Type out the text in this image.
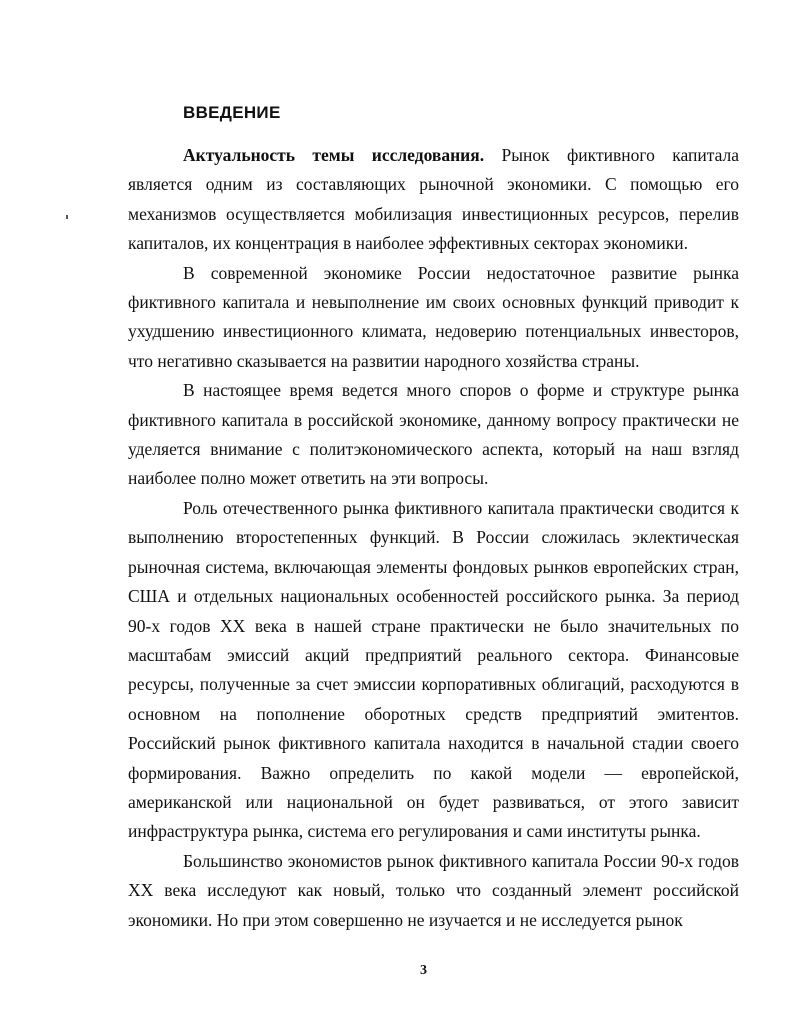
ВВЕДЕНИЕ

Актуальность темы исследования. Рынок фиктивного капитала является одним из составляющих рыночной экономики. С помощью его механизмов осуществляется мобилизация инвестиционных ресурсов, перелив капиталов, их концентрация в наиболее эффективных секторах экономики.

В современной экономике России недостаточное развитие рынка фиктивного капитала и невыполнение им своих основных функций приводит к ухудшению инвестиционного климата, недоверию потенциальных инвесторов, что негативно сказывается на развитии народного хозяйства страны.

В настоящее время ведется много споров о форме и структуре рынка фиктивного капитала в российской экономике, данному вопросу практически не уделяется внимание с политэкономического аспекта, который на наш взгляд наиболее полно может ответить на эти вопросы.

Роль отечественного рынка фиктивного капитала практически сводится к выполнению второстепенных функций. В России сложилась эклектическая рыночная система, включающая элементы фондовых рынков европейских стран, США и отдельных национальных особенностей российского рынка. За период 90-х годов XX века в нашей стране практически не было значительных по масштабам эмиссий акций предприятий реального сектора. Финансовые ресурсы, полученные за счет эмиссии корпоративных облигаций, расходуются в основном на пополнение оборотных средств предприятий эмитентов. Российский рынок фиктивного капитала находится в начальной стадии своего формирования. Важно определить по какой модели — европейской, американской или национальной он будет развиваться, от этого зависит инфраструктура рынка, система его регулирования и сами институты рынка.

Большинство экономистов рынок фиктивного капитала России 90-х годов XX века исследуют как новый, только что созданный элемент российской экономики. Но при этом совершенно не изучается и не исследуется рынок

3
